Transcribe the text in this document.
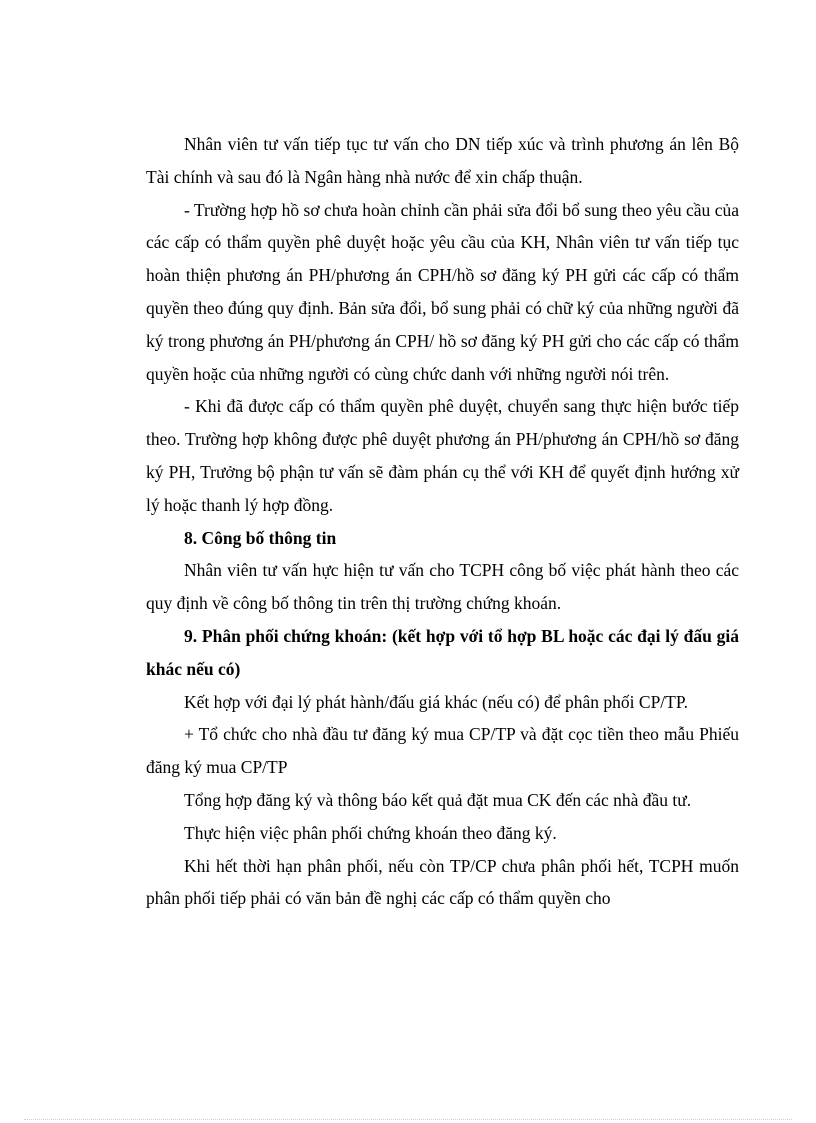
Nhân viên tư vấn tiếp tục tư vấn cho DN tiếp xúc và trình phương án lên Bộ Tài chính và sau đó là Ngân hàng nhà nước để xin chấp thuận.

- Trường hợp hồ sơ chưa hoàn chỉnh cần phải sửa đổi bổ sung theo yêu cầu của các cấp có thẩm quyền phê duyệt hoặc yêu cầu của KH, Nhân viên tư vấn tiếp tục hoàn thiện phương án PH/phương án CPH/hồ sơ đăng ký PH gửi các cấp có thẩm quyền theo đúng quy định. Bản sửa đổi, bổ sung phải có chữ ký của những người đã ký trong phương án PH/phương án CPH/ hồ sơ đăng ký PH gửi cho các cấp có thẩm quyền hoặc của những người có cùng chức danh với những người nói trên.

- Khi đã được cấp có thẩm quyền phê duyệt, chuyển sang thực hiện bước tiếp theo. Trường hợp không được phê duyệt phương án PH/phương án CPH/hồ sơ đăng ký PH, Trưởng bộ phận tư vấn sẽ đàm phán cụ thể với KH để quyết định hướng xử lý hoặc thanh lý hợp đồng.

8. Công bố thông tin

Nhân viên tư vấn hực hiện tư vấn cho TCPH công bố việc phát hành theo các quy định về công bố thông tin trên thị trường chứng khoán.

9. Phân phối chứng khoán: (kết hợp với tổ hợp BL hoặc các đại lý đấu giá khác nếu có)

Kết hợp với đại lý phát hành/đấu giá khác (nếu có) để phân phối CP/TP.

+ Tổ chức cho nhà đầu tư đăng ký mua CP/TP và đặt cọc tiền theo mẫu Phiếu đăng ký mua CP/TP

Tổng hợp đăng ký và thông báo kết quả đặt mua CK đến các nhà đầu tư.

Thực hiện việc phân phối chứng khoán theo đăng ký.

Khi hết thời hạn phân phối, nếu còn TP/CP chưa phân phối hết, TCPH muốn phân phối tiếp phải có văn bản đề nghị các cấp có thẩm quyền cho
